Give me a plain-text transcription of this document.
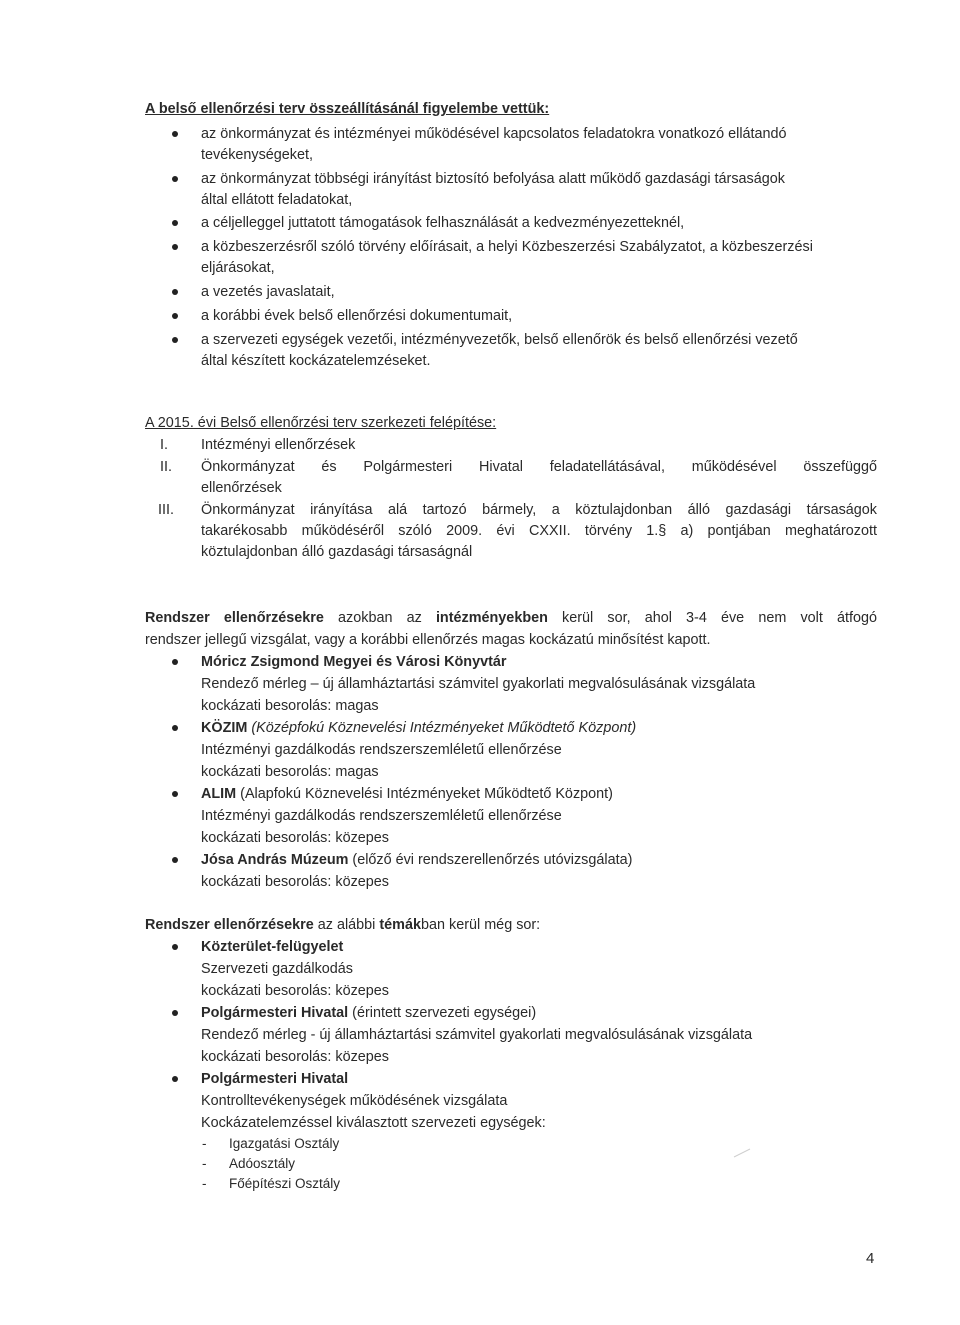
A belső ellenőrzési terv összeállításánál figyelembe vettük:
az önkormányzat és intézményei működésével kapcsolatos feladatokra vonatkozó ellátandó
tevékenységeket,
az önkormányzat többségi irányítást biztosító befolyása alatt működő gazdasági társaságok
által ellátott feladatokat,
a céljelleggel juttatott támogatások felhasználását a kedvezményezetteknél,
a közbeszerzésről szóló törvény előírásait, a helyi Közbeszerzési Szabályzatot, a közbeszerzési
eljárásokat,
a vezetés javaslatait,
a korábbi évek belső ellenőrzési dokumentumait,
a szervezeti egységek vezetői, intézményvezetők, belső ellenőrök és belső ellenőrzési vezető
által készített kockázatelemzéseket.
A 2015. évi Belső ellenőrzési terv szerkezeti felépítése:
I. Intézményi ellenőrzések
II. Önkormányzat és Polgármesteri Hivatal feladatellátásával, működésével összefüggő
ellenőrzések
III. Önkormányzat irányítása alá tartozó bármely, a köztulajdonban álló gazdasági társaságok
takarékosabb működéséről szóló 2009. évi CXXII. törvény 1.§ a) pontjában meghatározott
köztulajdonban álló gazdasági társaságnál
Rendszer ellenőrzésekre azokban az intézményekben kerül sor, ahol 3-4 éve nem volt átfogó
rendszer jellegű vizsgálat, vagy a korábbi ellenőrzés magas kockázatú minősítést kapott.
Móricz Zsigmond Megyei és Városi Könyvtár
Rendező mérleg – új államháztartási számvitel gyakorlati megvalósulásának vizsgálata
kockázati besorolás: magas
KÖZIM (Középfokú Köznevelési Intézményeket Működtető Központ)
Intézményi gazdálkodás rendszerszemléletű ellenőrzése
kockázati besorolás: magas
ALIM (Alapfokú Köznevelési Intézményeket Működtető Központ)
Intézményi gazdálkodás rendszerszemléletű ellenőrzése
kockázati besorolás: közepes
Jósa András Múzeum (előző évi rendszerellenőrzés utóvizsgálata)
kockázati besorolás: közepes
Rendszer ellenőrzésekre az alábbi témákban kerül még sor:
Közterület-felügyelet
Szervezeti gazdálkodás
kockázati besorolás: közepes
Polgármesteri Hivatal (érintett szervezeti egységei)
Rendező mérleg - új államháztartási számvitel gyakorlati megvalósulásának vizsgálata
kockázati besorolás: közepes
Polgármesteri Hivatal
Kontrolltevékenységek működésének vizsgálata
Kockázatelemzéssel kiválasztott szervezeti egységek:
- Igazgatási Osztály
- Adóosztály
- Főépítészi Osztály
4
